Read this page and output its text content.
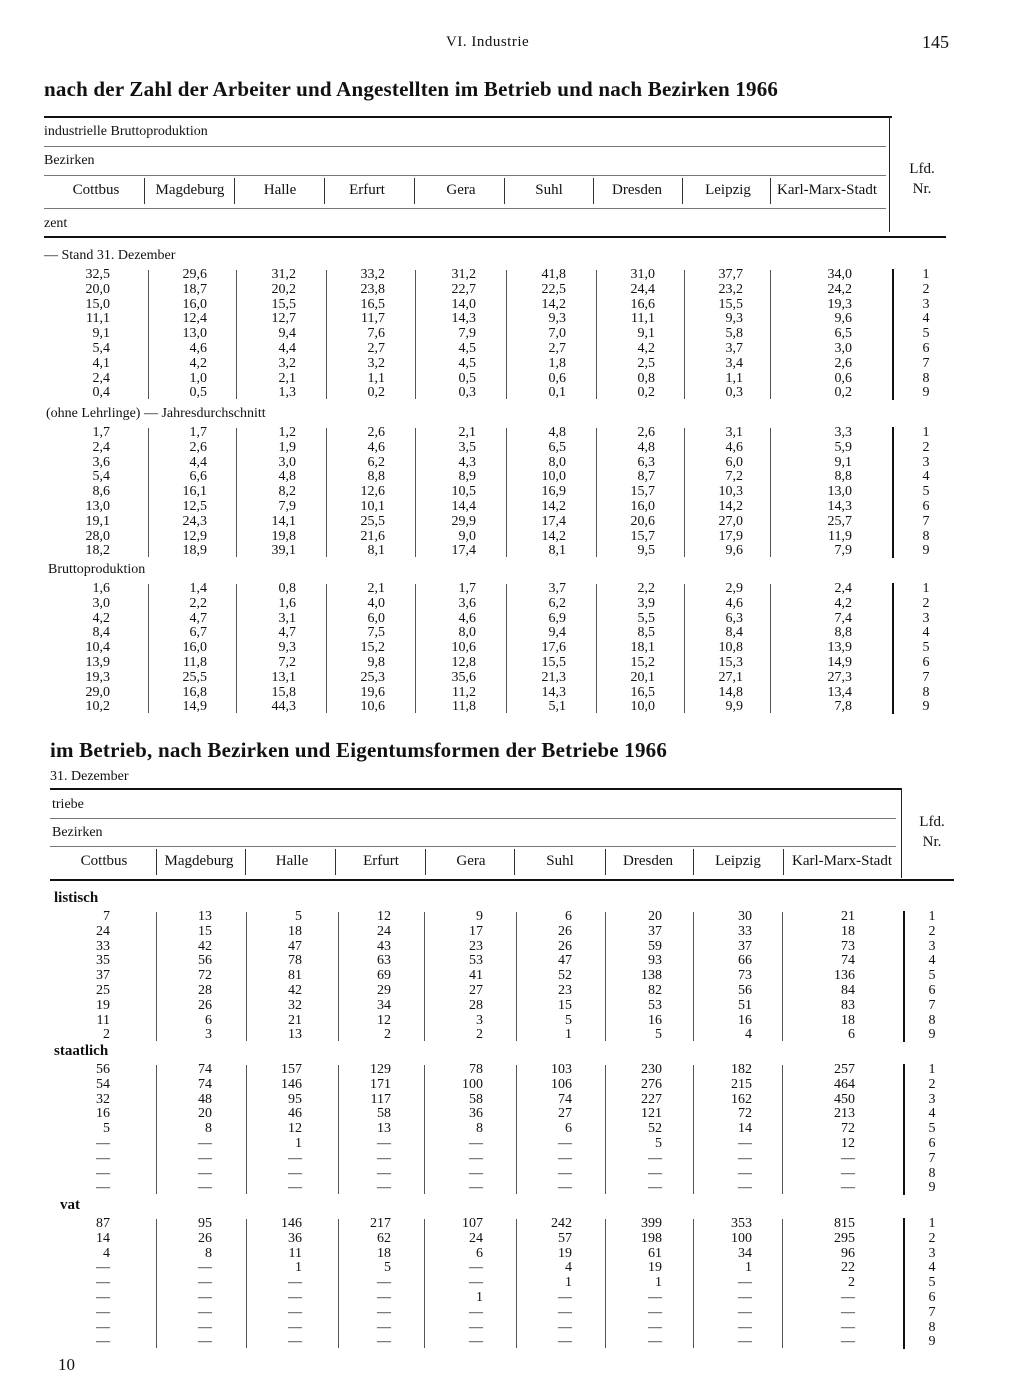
VI. Industrie	145
nach der Zahl der Arbeiter und Angestellten im Betrieb und nach Bezirken 1966
industrielle Bruttoproduktion
Bezirken
zent
Cottbus Magdeburg	Halle	Erfurt	Gera	Suhl	Dresden	Leipzig Karl-Marx-Stadt
Lfd.
Nr.
— Stand 31. Dezember
32,5	29,6	31,2	33,2	31,2	41,8	31,0	37,7	34,0	1
20,0	18,7	20,2	23,8	22,7	22,5	24,4	23,2	24,2	2
15,0	16,0	15,5	16,5	14,0	14,2	16,6	15,5	19,3	3
11,1	12,4	12,7	11,7	14,3	9,3	11,1	9,3	9,6	4
9,1	13,0	9,4	7,6	7,9	7,0	9,1	5,8	6,5	5
5,4	4,6	4,4	2,7	4,5	2,7	4,2	3,7	3,0	6
4,1	4,2	3,2	3,2	4,5	1,8	2,5	3,4	2,6	7
2,4	1,0	2,1	1,1	0,5	0,6	0,8	1,1	0,6	8
0,4	0,5	1,3	0,2	0,3	0,1	0,2	0,3	0,2	9
(ohne Lehrlinge) — Jahresdurchschnitt
1,7	1,7	1,2	2,6	2,1	4,8	2,6	3,1	3,3	1
2,4	2,6	1,9	4,6	3,5	6,5	4,8	4,6	5,9	2
3,6	4,4	3,0	6,2	4,3	8,0	6,3	6,0	9,1	3
5,4	6,6	4,8	8,8	8,9	10,0	8,7	7,2	8,8	4
8,6	16,1	8,2	12,6	10,5	16,9	15,7	10,3	13,0	5
13,0	12,5	7,9	10,1	14,4	14,2	16,0	14,2	14,3	6
19,1	24,3	14,1	25,5	29,9	17,4	20,6	27,0	25,7	7
28,0	12,9	19,8	21,6	9,0	14,2	15,7	17,9	11,9	8
18,2	18,9	39,1	8,1	17,4	8,1	9,5	9,6	7,9	9
Bruttoproduktion
1,6	1,4	0,8	2,1	1,7	3,7	2,2	2,9	2,4	1
3,0	2,2	1,6	4,0	3,6	6,2	3,9	4,6	4,2	2
4,2	4,7	3,1	6,0	4,6	6,9	5,5	6,3	7,4	3
8,4	6,7	4,7	7,5	8,0	9,4	8,5	8,4	8,8	4
10,4	16,0	9,3	15,2	10,6	17,6	18,1	10,8	13,9	5
13,9	11,8	7,2	9,8	12,8	15,5	15,2	15,3	14,9	6
19,3	25,5	13,1	25,3	35,6	21,3	20,1	27,1	27,3	7
29,0	16,8	15,8	19,6	11,2	14,3	16,5	14,8	13,4	8
10,2	14,9	44,3	10,6	11,8	5,1	10,0	9,9	7,8	9
im Betrieb, nach Bezirken und Eigentumsformen der Betriebe 1966
31. Dezember
triebe
Bezirken
Cottbus Magdeburg	Halle	Erfurt	Gera	Suhl	Dresden	Leipzig Karl-Marx-Stadt
Lfd.
Nr.
listisch
7	13	5	12	9	6	20	30	21	1
24	15	18	24	17	26	37	33	18	2
33	42	47	43	23	26	59	37	73	3
35	56	78	63	53	47	93	66	74	4
37	72	81	69	41	52	138	73	136	5
25	28	42	29	27	23	82	56	84	6
19	26	32	34	28	15	53	51	83	7
11	6	21	12	3	5	16	16	18	8
2	3	13	2	2	1	5	4	6	9
staatlich
56	74	157	129	78	103	230	182	257	1
54	74	146	171	100	106	276	215	464	2
32	48	95	117	58	74	227	162	450	3
16	20	46	58	36	27	121	72	213	4
5	8	12	13	8	6	52	14	72	5
—	—	1	—	—	—	5	—	12	6
—	—	—	—	—	—	—	—	—	7
—	—	—	—	—	—	—	—	—	8
—	—	—	—	—	—	—	—	—	9
vat
87	95	146	217	107	242	399	353	815	1
14	26	36	62	24	57	198	100	295	2
4	8	11	18	6	19	61	34	96	3
—	—	1	5	—	4	19	1	22	4
—	—	—	—	—	1	1	—	2	5
—	—	—	—	1	—	—	—	—	6
—	—	—	—	—	—	—	—	—	7
—	—	—	—	—	—	—	—	—	8
—	—	—	—	—	—	—	—	—	9
10
